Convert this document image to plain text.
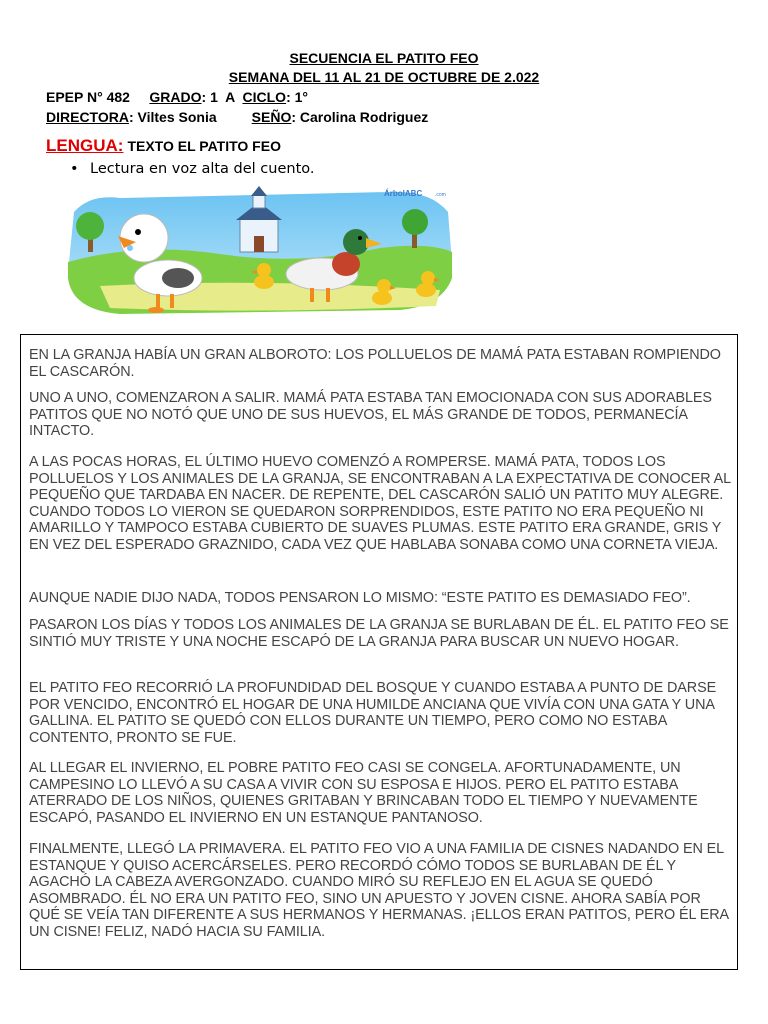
SECUENCIA EL PATITO FEO
SEMANA DEL 11 AL 21 DE OCTUBRE DE 2.022
EPEP N° 482 GRADO: 1  A CICLO: 1°
DIRECTORA: Viltes Sonia	SEÑO: Carolina Rodriguez
LENGUA: TEXTO EL PATITO FEO
• Lectura en voz alta del cuento.
ÁrbolABC	.com

EN LA GRANJA HABÍA UN GRAN ALBOROTO: LOS POLLUELOS DE MAMÁ PATA ESTABAN ROMPIENDO EL CASCARÓN.

UNO A UNO, COMENZARON A SALIR. MAMÁ PATA ESTABA TAN EMOCIONADA CON SUS ADORABLES PATITOS QUE NO NOTÓ QUE UNO DE SUS HUEVOS, EL MÁS GRANDE DE TODOS, PERMANECÍA INTACTO.

A LAS POCAS HORAS, EL ÚLTIMO HUEVO COMENZÓ A ROMPERSE. MAMÁ PATA, TODOS LOS POLLUELOS Y LOS ANIMALES DE LA GRANJA, SE ENCONTRABAN A LA EXPECTATIVA DE CONOCER AL PEQUEÑO QUE TARDABA EN NACER. DE REPENTE, DEL CASCARÓN SALIÓ UN PATITO MUY ALEGRE. CUANDO TODOS LO VIERON SE QUEDARON SORPRENDIDOS, ESTE PATITO NO ERA PEQUEÑO NI AMARILLO Y TAMPOCO ESTABA CUBIERTO DE SUAVES PLUMAS. ESTE PATITO ERA GRANDE, GRIS Y EN VEZ DEL ESPERADO GRAZNIDO, CADA VEZ QUE HABLABA SONABA COMO UNA CORNETA VIEJA.

AUNQUE NADIE DIJO NADA, TODOS PENSARON LO MISMO: “ESTE PATITO ES DEMASIADO FEO”.

PASARON LOS DÍAS Y TODOS LOS ANIMALES DE LA GRANJA SE BURLABAN DE ÉL. EL PATITO FEO SE SINTIÓ MUY TRISTE Y UNA NOCHE ESCAPÓ DE LA GRANJA PARA BUSCAR UN NUEVO HOGAR.

EL PATITO FEO RECORRIÓ LA PROFUNDIDAD DEL BOSQUE Y CUANDO ESTABA A PUNTO DE DARSE POR VENCIDO, ENCONTRÓ EL HOGAR DE UNA HUMILDE ANCIANA QUE VIVÍA CON UNA GATA Y UNA GALLINA. EL PATITO SE QUEDÓ CON ELLOS DURANTE UN TIEMPO, PERO COMO NO ESTABA CONTENTO, PRONTO SE FUE.

AL LLEGAR EL INVIERNO, EL POBRE PATITO FEO CASI SE CONGELA. AFORTUNADAMENTE, UN CAMPESINO LO LLEVÓ A SU CASA A VIVIR CON SU ESPOSA E HIJOS. PERO EL PATITO ESTABA ATERRADO DE LOS NIÑOS, QUIENES GRITABAN Y BRINCABAN TODO EL TIEMPO Y NUEVAMENTE ESCAPÓ, PASANDO EL INVIERNO EN UN ESTANQUE PANTANOSO.

FINALMENTE, LLEGÓ LA PRIMAVERA. EL PATITO FEO VIO A UNA FAMILIA DE CISNES NADANDO EN EL ESTANQUE Y QUISO ACERCÁRSELES. PERO RECORDÓ CÓMO TODOS SE BURLABAN DE ÉL Y AGACHÓ LA CABEZA AVERGONZADO. CUANDO MIRÓ SU REFLEJO EN EL AGUA SE QUEDÓ ASOMBRADO. ÉL NO ERA UN PATITO FEO, SINO UN APUESTO Y JOVEN CISNE. AHORA SABÍA POR QUÉ SE VEÍA TAN DIFERENTE A SUS HERMANOS Y HERMANAS. ¡ELLOS ERAN PATITOS, PERO ÉL ERA UN CISNE! FELIZ, NADÓ HACIA SU FAMILIA.
